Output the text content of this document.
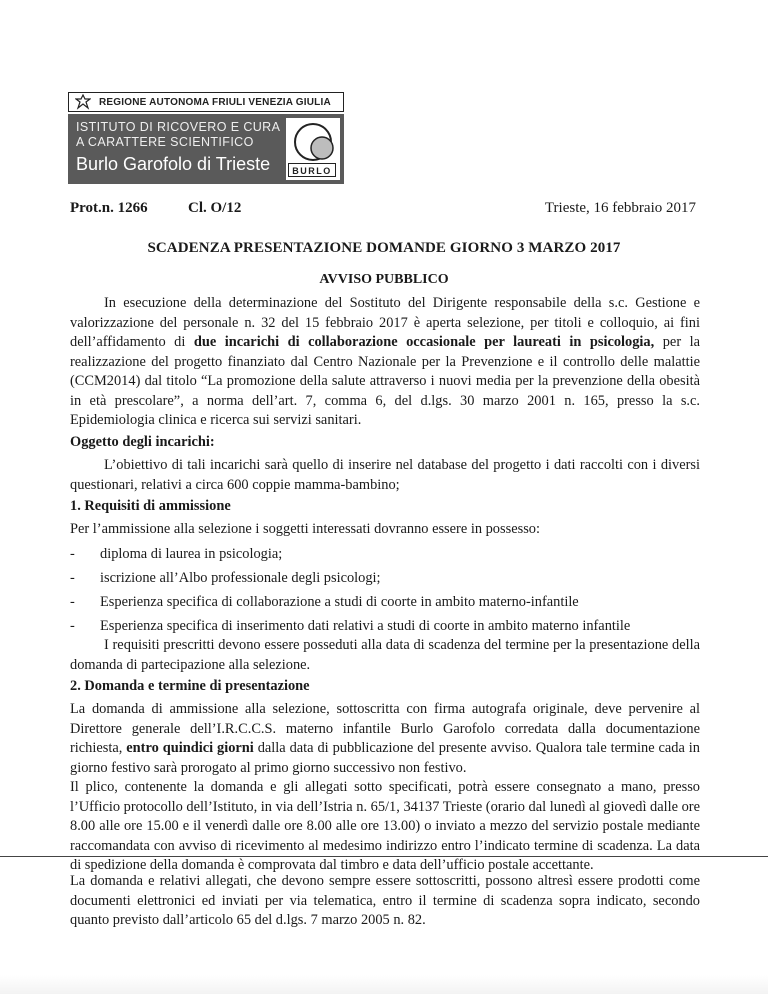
REGIONE AUTONOMA FRIULI VENEZIA GIULIA
ISTITUTO DI RICOVERO E CURA
A CARATTERE SCIENTIFICO
Burlo Garofolo di Trieste	BURLO
Prot.n. 1266	Cl. O/12	Trieste, 16 febbraio 2017
SCADENZA PRESENTAZIONE DOMANDE GIORNO 3 MARZO 2017
AVVISO PUBBLICO
In esecuzione della determinazione del Sostituto del Dirigente responsabile della s.c. Gestione e valorizzazione del personale n. 32 del 15 febbraio 2017 è aperta selezione, per titoli e colloquio, ai fini dell’affidamento di due incarichi di collaborazione occasionale per laureati in psicologia, per la realizzazione del progetto finanziato dal Centro Nazionale per la Prevenzione e il controllo delle malattie (CCM2014) dal titolo “La promozione della salute attraverso i nuovi media per la prevenzione della obesità in età prescolare”, a norma dell’art. 7, comma 6, del d.lgs. 30 marzo 2001 n. 165, presso la s.c. Epidemiologia clinica e ricerca sui servizi sanitari.
Oggetto degli incarichi:
L’obiettivo di tali incarichi sarà quello di inserire nel database del progetto i dati raccolti con i diversi questionari, relativi a circa 600 coppie mamma-bambino;
1. Requisiti di ammissione
Per l’ammissione alla selezione i soggetti interessati dovranno essere in possesso:
- diploma di laurea in psicologia;
- iscrizione all’Albo professionale degli psicologi;
- Esperienza specifica di collaborazione a studi di coorte in ambito materno-infantile
- Esperienza specifica di inserimento dati relativi a studi di coorte in ambito materno infantile
I requisiti prescritti devono essere posseduti alla data di scadenza del termine per la presentazione della domanda di partecipazione alla selezione.
2. Domanda e termine di presentazione
La domanda di ammissione alla selezione, sottoscritta con firma autografa originale, deve pervenire al Direttore generale dell’I.R.C.C.S. materno infantile Burlo Garofolo corredata dalla documentazione richiesta, entro quindici giorni dalla data di pubblicazione del presente avviso. Qualora tale termine cada in giorno festivo sarà prorogato al primo giorno successivo non festivo.
Il plico, contenente la domanda e gli allegati sotto specificati, potrà essere consegnato a mano, presso l’Ufficio protocollo dell’Istituto, in via dell’Istria n. 65/1, 34137 Trieste (orario dal lunedì al giovedì dalle ore 8.00 alle ore 15.00 e il venerdì dalle ore 8.00 alle ore 13.00) o inviato a mezzo del servizio postale mediante raccomandata con avviso di ricevimento al medesimo indirizzo entro l’indicato termine di scadenza. La data di spedizione della domanda è comprovata dal timbro e data dell’ufficio postale accettante.
La domanda e relativi allegati, che devono sempre essere sottoscritti, possono altresì essere prodotti come documenti elettronici ed inviati per via telematica, entro il termine di scadenza sopra indicato, secondo quanto previsto dall’articolo 65 del d.lgs. 7 marzo 2005 n. 82.
